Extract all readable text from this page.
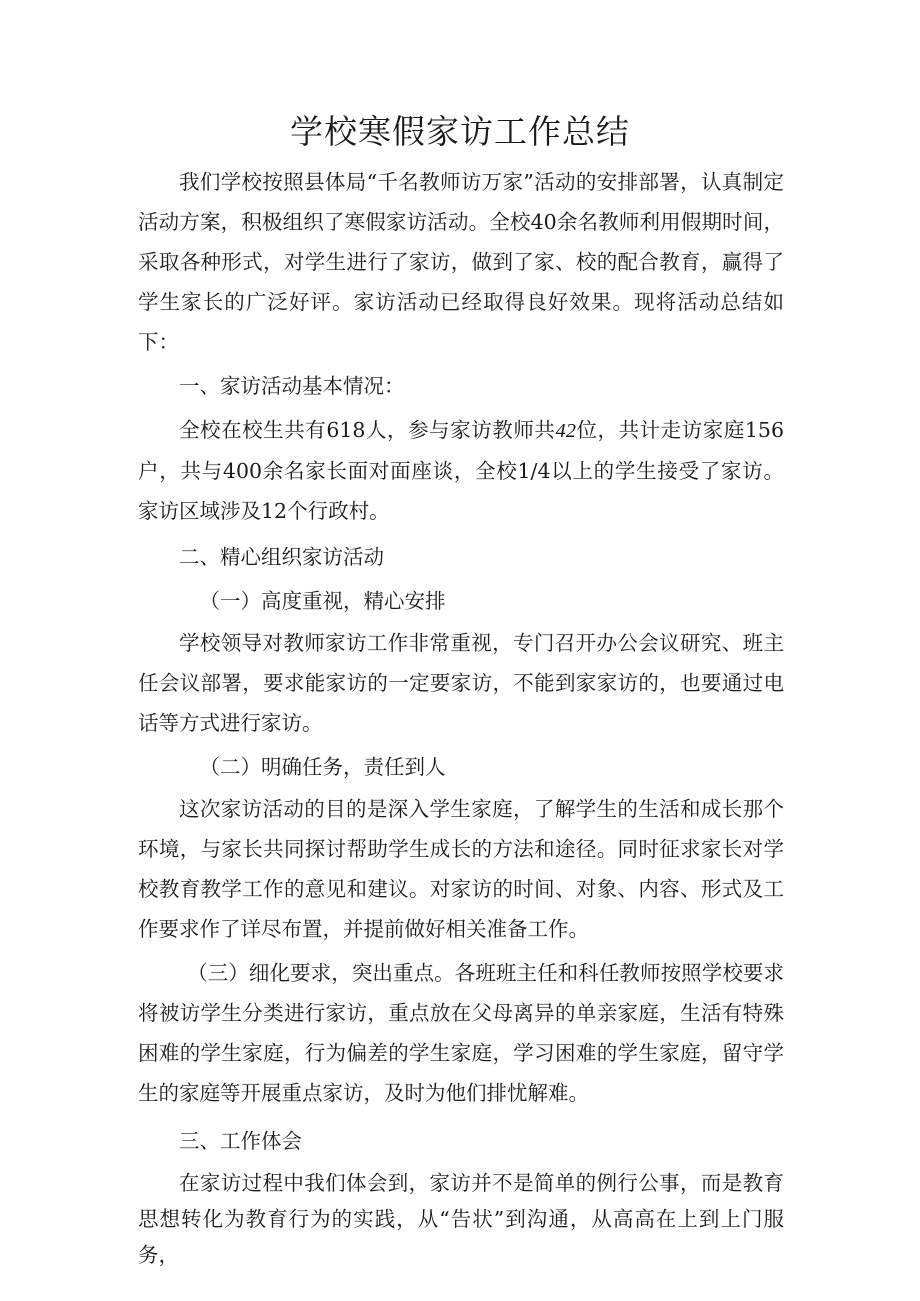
学校寒假家访工作总结

我们学校按照县体局“千名教师访万家”活动的安排部署，认真制定活动方案，积极组织了寒假家访活动。全校40余名教师利用假期时间，采取各种形式，对学生进行了家访，做到了家、校的配合教育，赢得了学生家长的广泛好评。家访活动已经取得良好效果。现将活动总结如下：

一、家访活动基本情况：

全校在校生共有618人，参与家访教师共42位，共计走访家庭156户，共与400余名家长面对面座谈，全校1/4以上的学生接受了家访。家访区域涉及12个行政村。

二、精心组织家访活动

（一）高度重视，精心安排

学校领导对教师家访工作非常重视，专门召开办公会议研究、班主任会议部署，要求能家访的一定要家访，不能到家家访的，也要通过电话等方式进行家访。

（二）明确任务，责任到人

这次家访活动的目的是深入学生家庭，了解学生的生活和成长那个环境，与家长共同探讨帮助学生成长的方法和途径。同时征求家长对学校教育教学工作的意见和建议。对家访的时间、对象、内容、形式及工作要求作了详尽布置，并提前做好相关准备工作。

（三）细化要求，突出重点。各班班主任和科任教师按照学校要求将被访学生分类进行家访，重点放在父母离异的单亲家庭，生活有特殊困难的学生家庭，行为偏差的学生家庭，学习困难的学生家庭，留守学生的家庭等开展重点家访，及时为他们排忧解难。

三、工作体会

在家访过程中我们体会到，家访并不是简单的例行公事，而是教育思想转化为教育行为的实践，从“告状”到沟通，从高高在上到上门服务，
